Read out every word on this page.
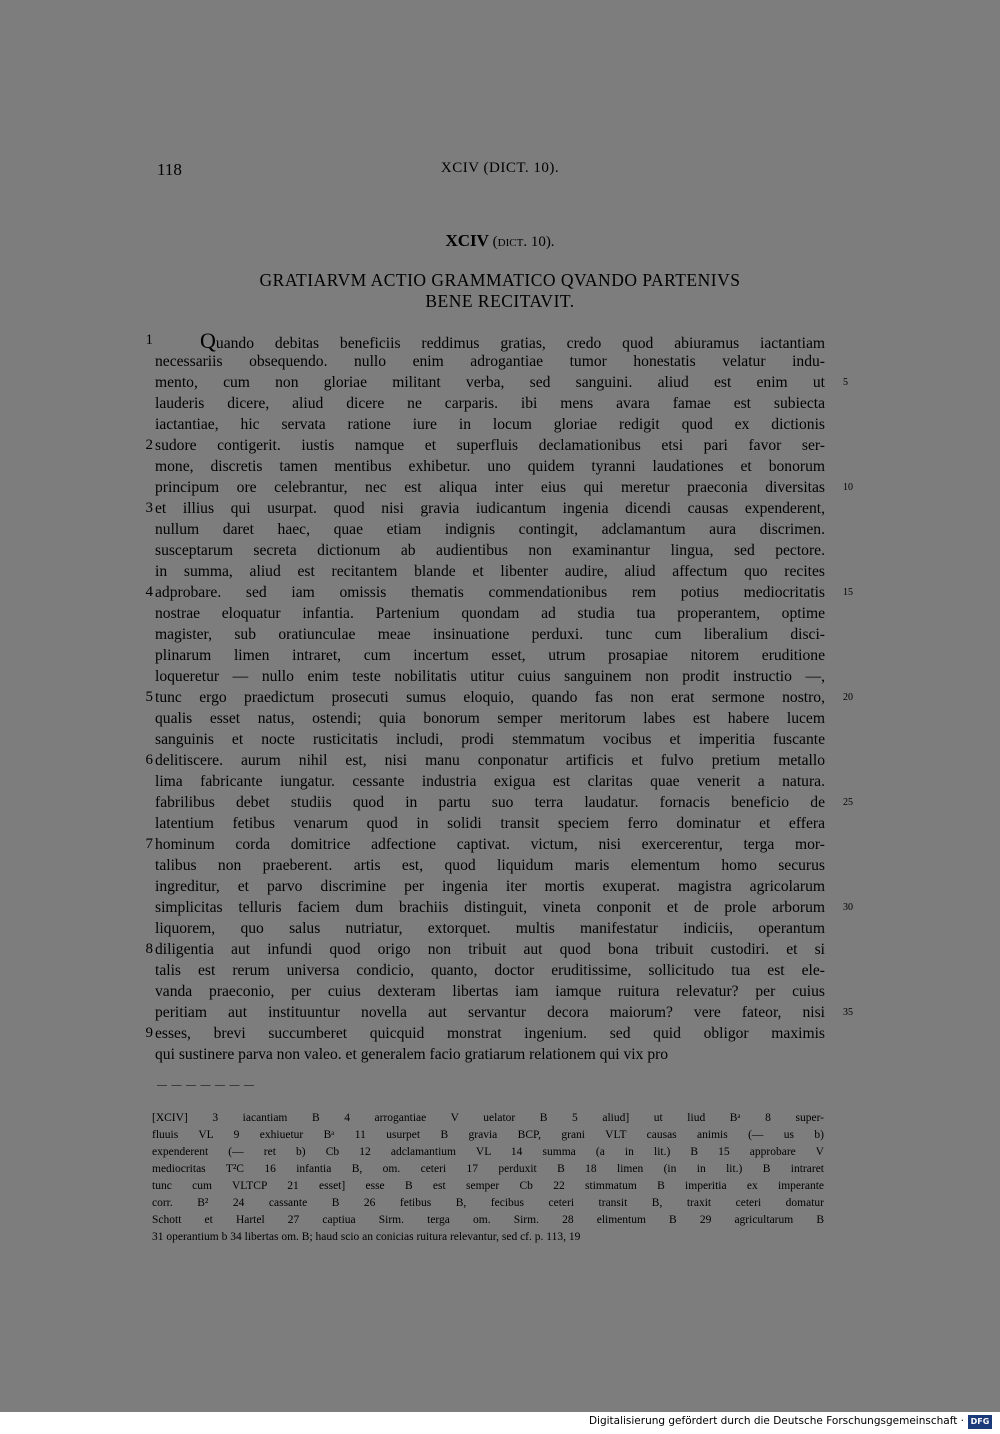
118	XCIV (DICT. 10).
XCIV (dict. 10).
GRATIARVM ACTIO GRAMMATICO QVANDO PARTENIVS
BENE RECITAVIT.
Quando debitas beneficiis reddimus gratias, credo quod abiuramus iactantiam
necessariis obsequendo. nullo enim adrogantiae tumor honestatis velatur indu-
mento, cum non gloriae militant verba, sed sanguini. aliud est enim ut
lauderis dicere, aliud dicere ne carparis. ibi mens avara famae est subiecta
iactantiae, hic servata ratione iure in locum gloriae redigit quod ex dictionis
sudore contigerit. iustis namque et superfluis declamationibus etsi pari favor ser-
mone, discretis tamen mentibus exhibetur. uno quidem tyranni laudationes et bonorum
principum ore celebrantur, nec est aliqua inter eius qui meretur praeconia diversitas
et illius qui usurpat. quod nisi gravia iudicantum ingenia dicendi causas expenderent,
nullum daret haec, quae etiam indignis contingit, adclamantum aura discrimen.
susceptarum secreta dictionum ab audientibus non examinantur lingua, sed pectore.
in summa, aliud est recitantem blande et libenter audire, aliud affectum quo recites
adprobare. sed iam omissis thematis commendationibus rem potius mediocritatis
nostrae eloquatur infantia. Partenium quondam ad studia tua properantem, optime
magister, sub oratiunculae meae insinuatione perduxi. tunc cum liberalium disci-
plinarum limen intraret, cum incertum esset, utrum prosapiae nitorem eruditione
loqueretur — nullo enim teste nobilitatis utitur cuius sanguinem non prodit instructio —,
tunc ergo praedictum prosecuti sumus eloquio, quando fas non erat sermone nostro,
qualis esset natus, ostendi; quia bonorum semper meritorum labes est habere lucem
sanguinis et nocte rusticitatis includi, prodi stemmatum vocibus et imperitia fuscante
delitiscere. aurum nihil est, nisi manu conponatur artificis et fulvo pretium metallo
lima fabricante iungatur. cessante industria exigua est claritas quae venerit a natura.
fabrilibus debet studiis quod in partu suo terra laudatur. fornacis beneficio de
latentium fetibus venarum quod in solidi transit speciem ferro dominatur et effera
hominum corda domitrice adfectione captivat. victum, nisi exercerentur, terga mor-
talibus non praeberent. artis est, quod liquidum maris elementum homo securus
ingreditur, et parvo discrimine per ingenia iter mortis exuperat. magistra agricolarum
simplicitas telluris faciem dum brachiis distinguit, vineta conponit et de prole arborum
liquorem, quo salus nutriatur, extorquet. multis manifestatur indiciis, operantum
diligentia aut infundi quod origo non tribuit aut quod bona tribuit custodiri. et si
talis est rerum universa condicio, quanto, doctor eruditissime, sollicitudo tua est ele-
vanda praeconio, per cuius dexteram libertas iam iamque ruitura relevatur? per cuius
peritiam aut instituuntur novella aut servantur decora maiorum? vere fateor, nisi
esses, brevi succumberet quicquid monstrat ingenium. sed quid obligor maximis
qui sustinere parva non valeo. et generalem facio gratiarum relationem qui vix pro
1
2
3
4
5
6
7
8
9
5
10
15
20
25
30
35
— — — — — — —
[XCIV] 3 iacantiam B 4 arrogantiae V uelator B 5 aliud] ut liud Bᵃ 8 super-
fluuis VL 9 exhiuetur Bᵃ 11 usurpet B gravia BCP, grani VLT causas animis (— us b)
expenderent (— ret b) Cb 12 adclamantium VL 14 summa (a in lit.) B 15 approbare V
mediocritas T²C 16 infantia B, om. ceteri 17 perduxit B 18 limen (in in lit.) B intraret
tunc cum VLTCP 21 esset] esse B est semper Cb 22 stimmatum B imperitia ex imperante
corr. B² 24 cassante B 26 fetibus B, fecibus ceteri transit B, traxit ceteri domatur
Schott et Hartel 27 captiua Sirm. terga om. Sirm. 28 elimentum B 29 agricultarum B
31 operantium b 34 libertas om. B; haud scio an conicias ruitura relevantur, sed cf. p. 113, 19
Digitalisierung gefördert durch die Deutsche Forschungsgemeinschaft · DFG
